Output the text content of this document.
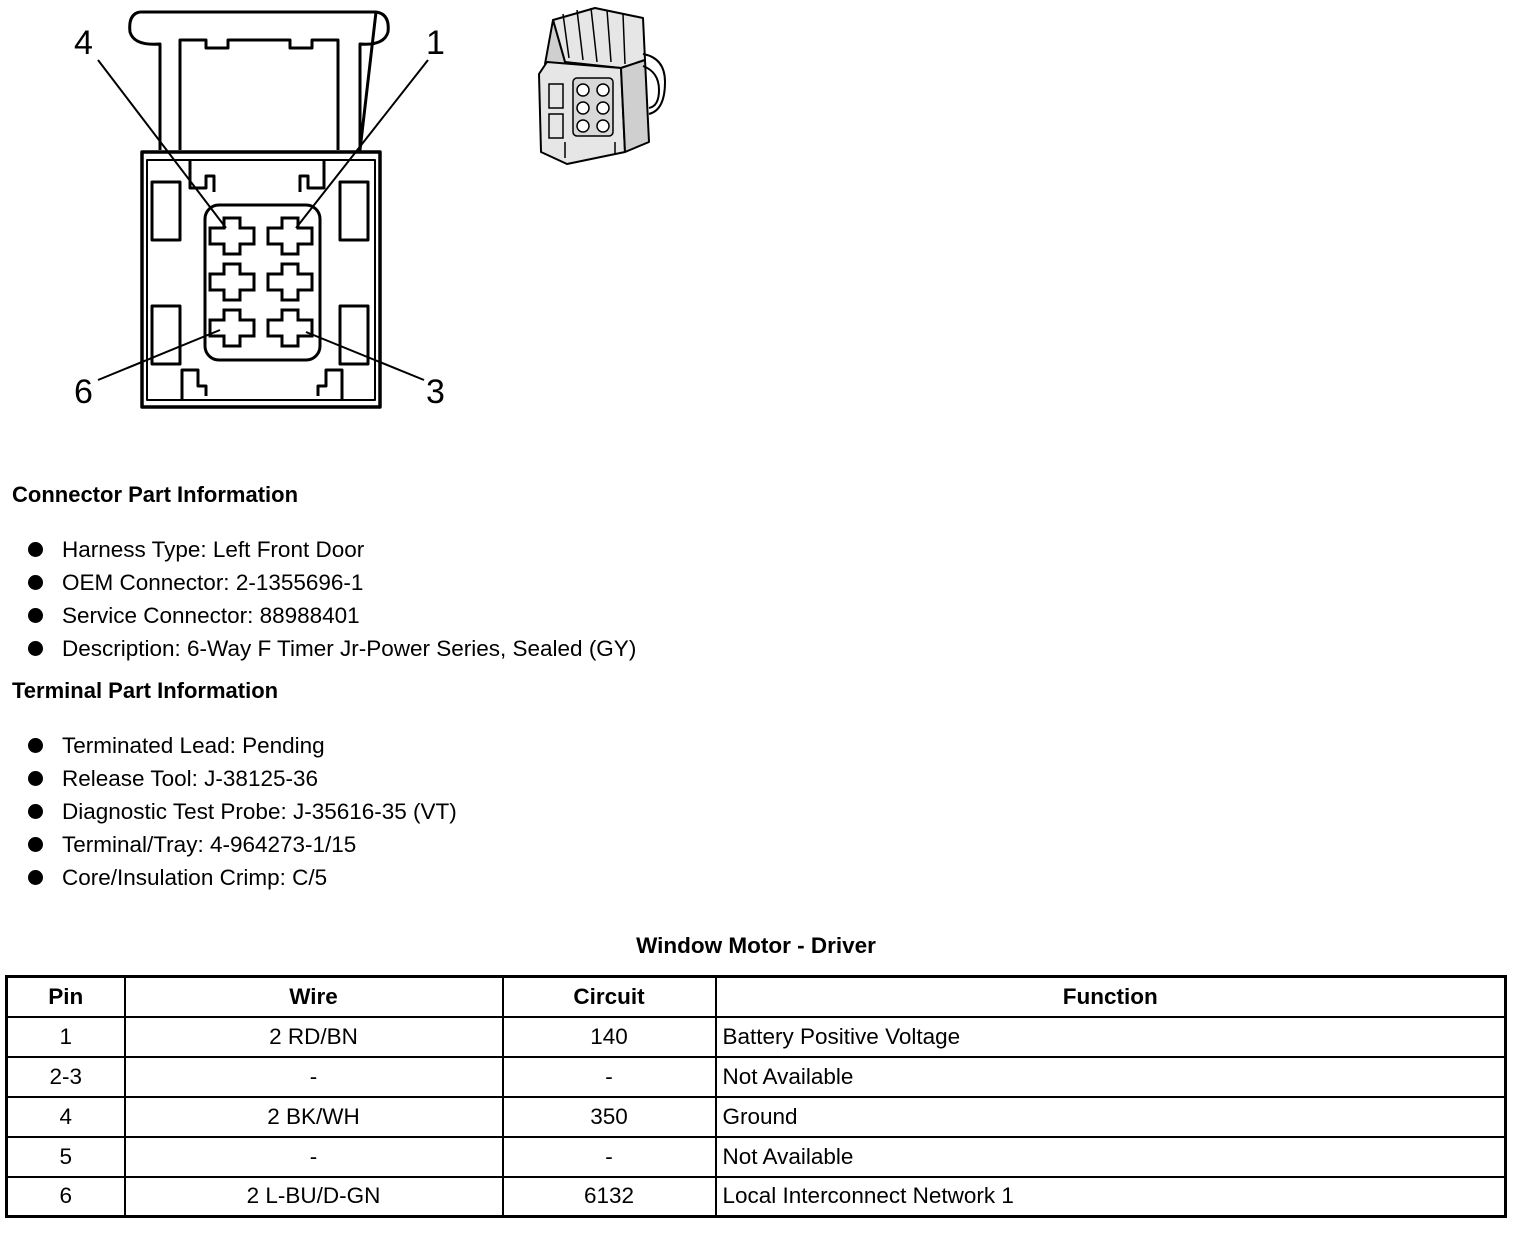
4	1
6	3
Connector Part Information
Harness Type: Left Front Door
OEM Connector: 2-1355696-1
Service Connector: 88988401
Description: 6-Way F Timer Jr-Power Series, Sealed (GY)
Terminal Part Information
Terminated Lead: Pending
Release Tool: J-38125-36
Diagnostic Test Probe: J-35616-35 (VT)
Terminal/Tray: 4-964273-1/15
Core/Insulation Crimp: C/5
Window Motor - Driver
Pin	Wire	Circuit	Function
1	2 RD/BN	140	Battery Positive Voltage
2-3	-	-	Not Available
4	2 BK/WH	350	Ground
5	-	-	Not Available
6	2 L-BU/D-GN	6132	Local Interconnect Network 1
